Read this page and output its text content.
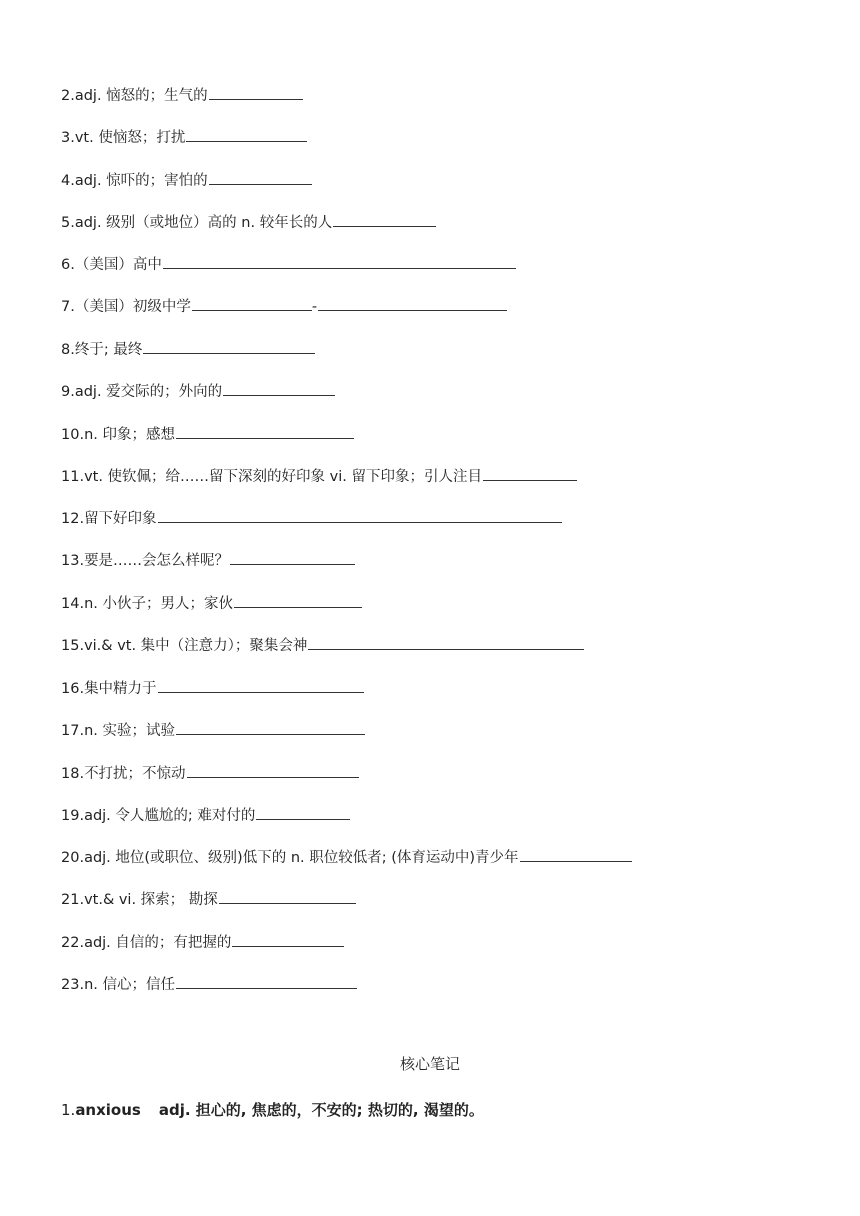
2.adj. 恼怒的；生气的
3.vt. 使恼怒；打扰
4.adj. 惊吓的；害怕的
5.adj. 级别（或地位）高的 n. 较年长的人
6.（美国）高中
7.（美国）初级中学	-
8.终于; 最终
9.adj. 爱交际的；外向的
10.n. 印象；感想
11.vt. 使钦佩；给……留下深刻的好印象 vi. 留下印象；引人注目
12.留下好印象
13.要是……会怎么样呢？
14.n. 小伙子；男人；家伙
15.vi.& vt. 集中（注意力）；聚集会神
16.集中精力于
17.n. 实验；试验
18.不打扰；不惊动
19.adj. 令人尴尬的; 难对付的
20.adj. 地位(或职位、级别)低下的 n. 职位较低者; (体育运动中)青少年
21.vt.& vi. 探索； 勘探
22.adj. 自信的；有把握的
23.n. 信心；信任
核心笔记
1.anxious adj. 担心的, 焦虑的，不安的; 热切的, 渴望的。
